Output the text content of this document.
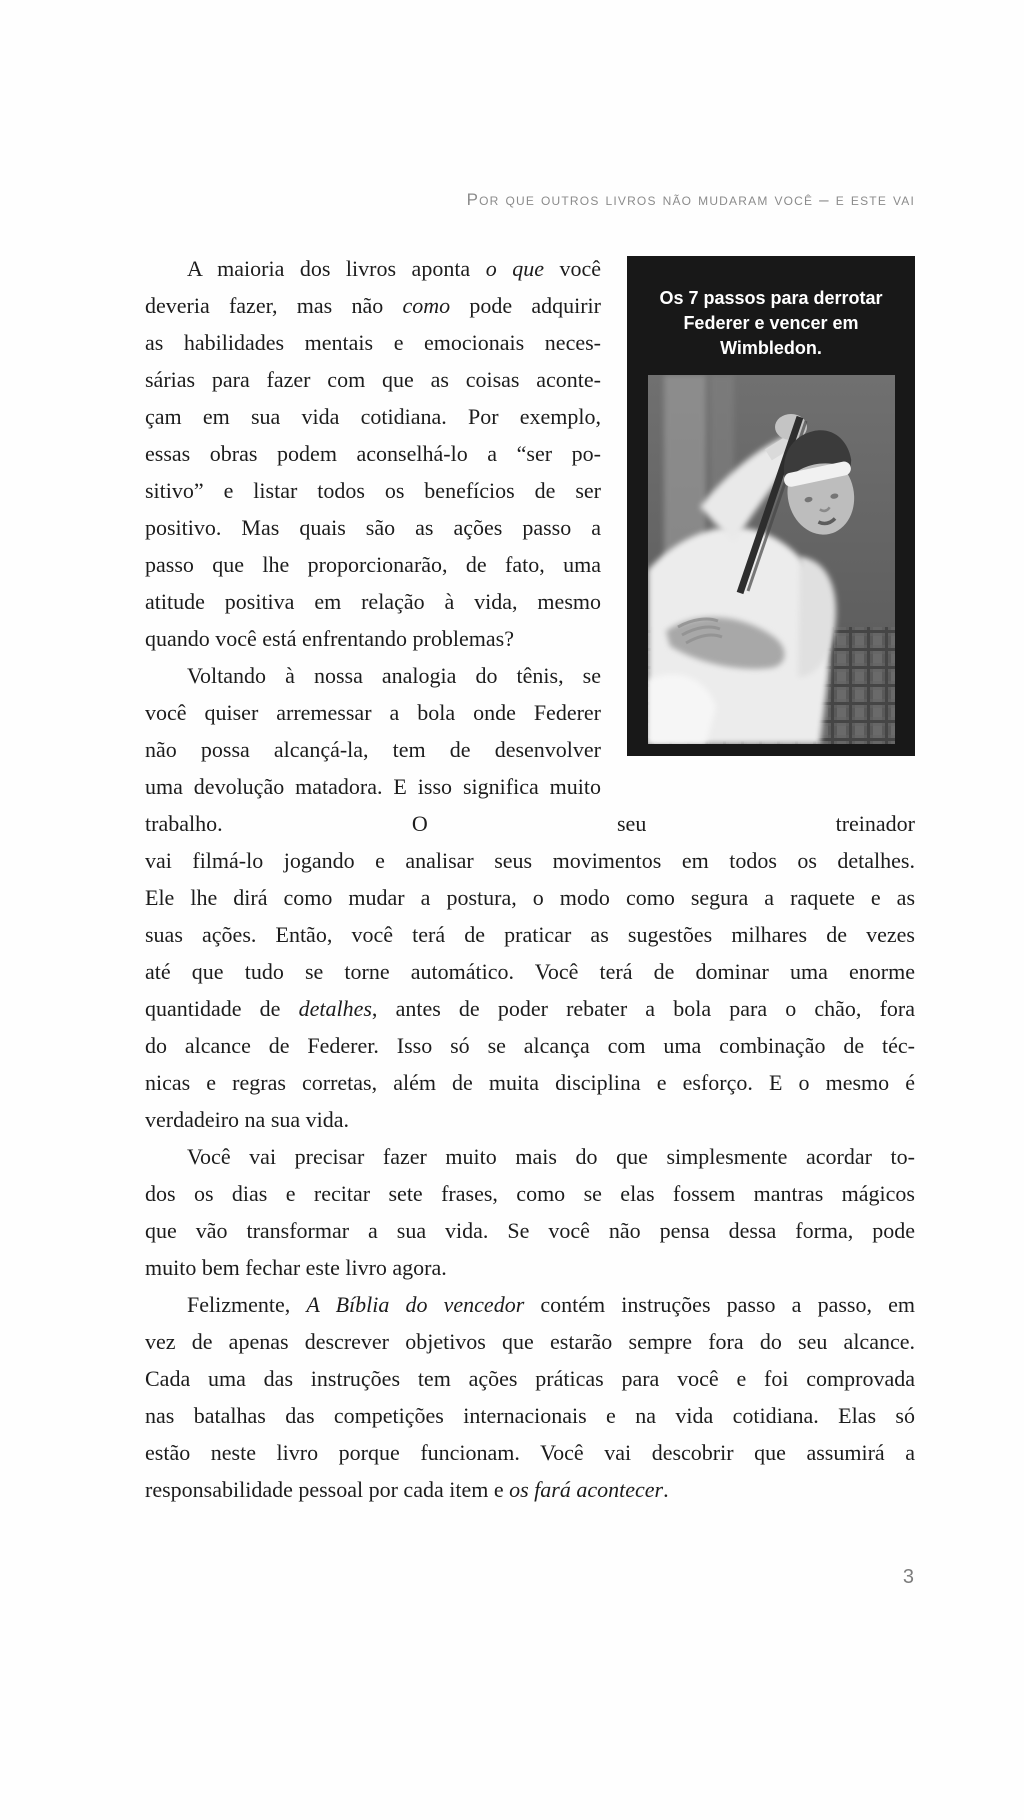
Por que outros livros não mudaram você – e este vai
Os 7 passos para derrotar
Federer e vencer em
Wimbledon.
A maioria dos livros aponta o que você
deveria fazer, mas não como pode adquirir
as habilidades mentais e emocionais neces-
sárias para fazer com que as coisas aconte-
çam em sua vida cotidiana. Por exemplo,
essas obras podem aconselhá-lo a “ser po-
sitivo” e listar todos os benefícios de ser
positivo. Mas quais são as ações passo a
passo que lhe proporcionarão, de fato, uma
atitude positiva em relação à vida, mesmo
quando você está enfrentando problemas?
Voltando à nossa analogia do tênis, se
você quiser arremessar a bola onde Federer
não possa alcançá-la, tem de desenvolver
uma devolução matadora. E isso significa muito trabalho. O seu treinador
vai filmá-lo jogando e analisar seus movimentos em todos os detalhes.
Ele lhe dirá como mudar a postura, o modo como segura a raquete e as
suas ações. Então, você terá de praticar as sugestões milhares de vezes
até que tudo se torne automático. Você terá de dominar uma enorme
quantidade de detalhes, antes de poder rebater a bola para o chão, fora
do alcance de Federer. Isso só se alcança com uma combinação de téc-
nicas e regras corretas, além de muita disciplina e esforço. E o mesmo é
verdadeiro na sua vida.
Você vai precisar fazer muito mais do que simplesmente acordar to-
dos os dias e recitar sete frases, como se elas fossem mantras mágicos
que vão transformar a sua vida. Se você não pensa dessa forma, pode
muito bem fechar este livro agora.
Felizmente, A Bíblia do vencedor contém instruções passo a passo, em
vez de apenas descrever objetivos que estarão sempre fora do seu alcance.
Cada uma das instruções tem ações práticas para você e foi comprovada
nas batalhas das competições internacionais e na vida cotidiana. Elas só
estão neste livro porque funcionam. Você vai descobrir que assumirá a
responsabilidade pessoal por cada item e os fará acontecer.
3
